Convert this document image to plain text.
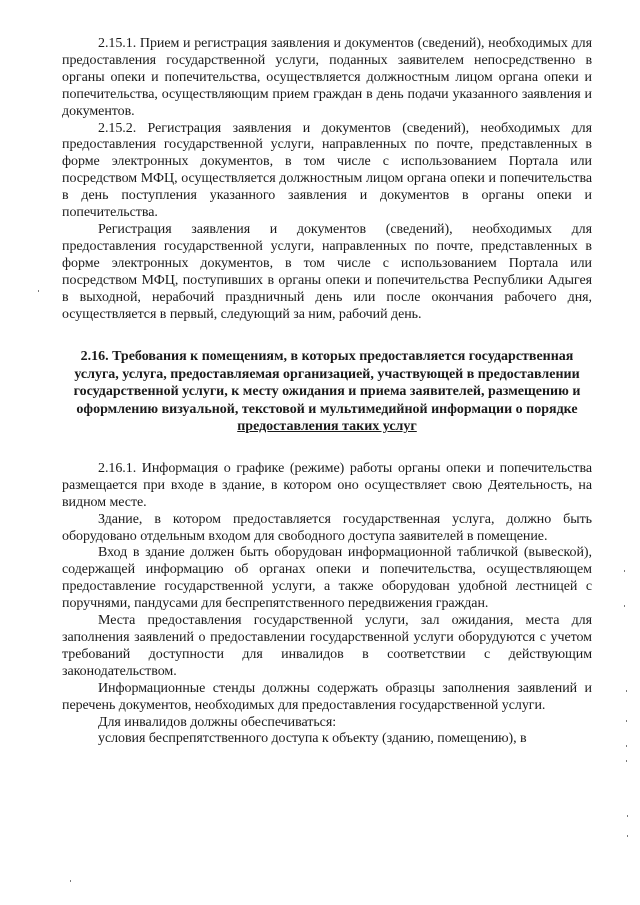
2.15.1. Прием и регистрация заявления и документов (сведений), необходимых для предоставления государственной услуги, поданных заявителем непосредственно в органы опеки и попечительства, осуществляется должностным лицом органа опеки и попечительства, осуществляющим прием граждан в день подачи указанного заявления и документов.

2.15.2. Регистрация заявления и документов (сведений), необходимых для предоставления государственной услуги, направленных по почте, представленных в форме электронных документов, в том числе с использованием Портала или посредством МФЦ, осуществляется должностным лицом органа опеки и попечительства в день поступления указанного заявления и документов в органы опеки и попечительства.

Регистрация заявления и документов (сведений), необходимых для предоставления государственной услуги, направленных по почте, представленных в форме электронных документов, в том числе с использованием Портала или посредством МФЦ, поступивших в органы опеки и попечительства Республики Адыгея в выходной, нерабочий праздничный день или после окончания рабочего дня, осуществляется в первый, следующий за ним, рабочий день.

2.16. Требования к помещениям, в которых предоставляется государственная услуга, услуга, предоставляемая организацией, участвующей в предоставлении государственной услуги, к месту ожидания и приема заявителей, размещению и оформлению визуальной, текстовой и мультимедийной информации о порядке предоставления таких услуг

2.16.1. Информация о графике (режиме) работы органы опеки и попечительства размещается при входе в здание, в котором оно осуществляет свою Деятельность, на видном месте.

Здание, в котором предоставляется государственная услуга, должно быть оборудовано отдельным входом для свободного доступа заявителей в помещение.

Вход в здание должен быть оборудован информационной табличкой (вывеской), содержащей информацию об органах опеки и попечительства, осуществляющем предоставление государственной услуги, а также оборудован удобной лестницей с поручнями, пандусами для беспрепятственного передвижения граждан.

Места предоставления государственной услуги, зал ожидания, места для заполнения заявлений о предоставлении государственной услуги оборудуются с учетом требований доступности для инвалидов в соответствии с действующим законодательством.

Информационные стенды должны содержать образцы заполнения заявлений и перечень документов, необходимых для предоставления государственной услуги.

Для инвалидов должны обеспечиваться:

условия беспрепятственного доступа к объекту (зданию, помещению), в
